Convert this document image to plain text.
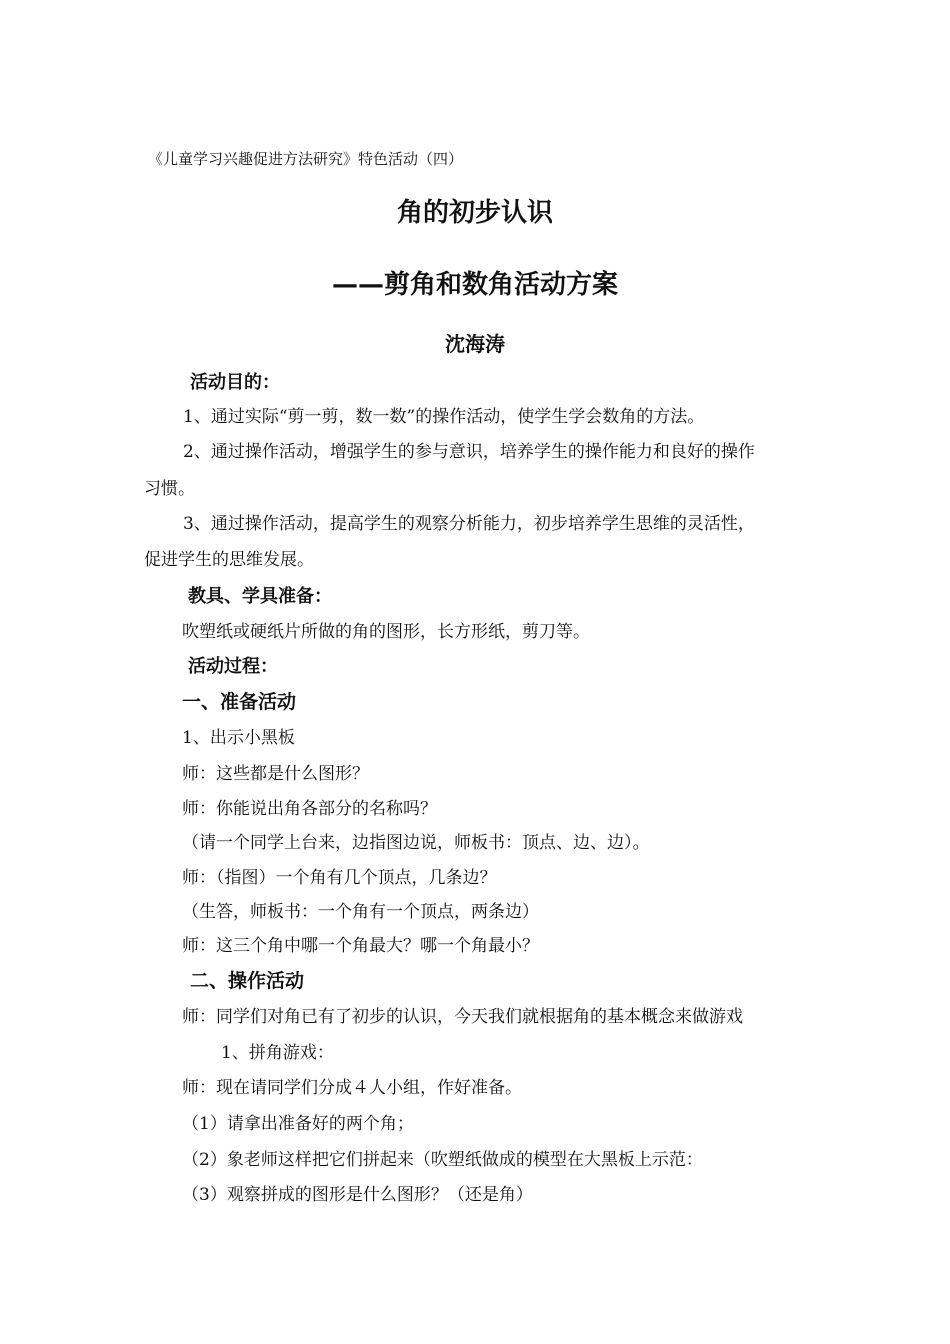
《儿童学习兴趣促进方法研究》特色活动（四）
角的初步认识
——剪角和数角活动方案
沈海涛
活动目的：
1、通过实际“剪一剪，数一数”的操作活动，使学生学会数角的方法。
2、通过操作活动，增强学生的参与意识，培养学生的操作能力和良好的操作
习惯。
3、通过操作活动，提高学生的观察分析能力，初步培养学生思维的灵活性，
促进学生的思维发展。
教具、学具准备：
吹塑纸或硬纸片所做的角的图形，长方形纸，剪刀等。
活动过程：
一、准备活动
1、出示小黑板
师：这些都是什么图形？
师：你能说出角各部分的名称吗？
（请一个同学上台来，边指图边说，师板书：顶点、边、边）。
师：（指图）一个角有几个顶点，几条边？
（生答，师板书：一个角有一个顶点，两条边）
师：这三个角中哪一个角最大？哪一个角最小？
二、操作活动
师：同学们对角已有了初步的认识，今天我们就根据角的基本概念来做游戏
1、拼角游戏：
师：现在请同学们分成４人小组，作好准备。
（1）请拿出准备好的两个角；
（2）象老师这样把它们拼起来（吹塑纸做成的模型在大黑板上示范：
（3）观察拼成的图形是什么图形？（还是角）
